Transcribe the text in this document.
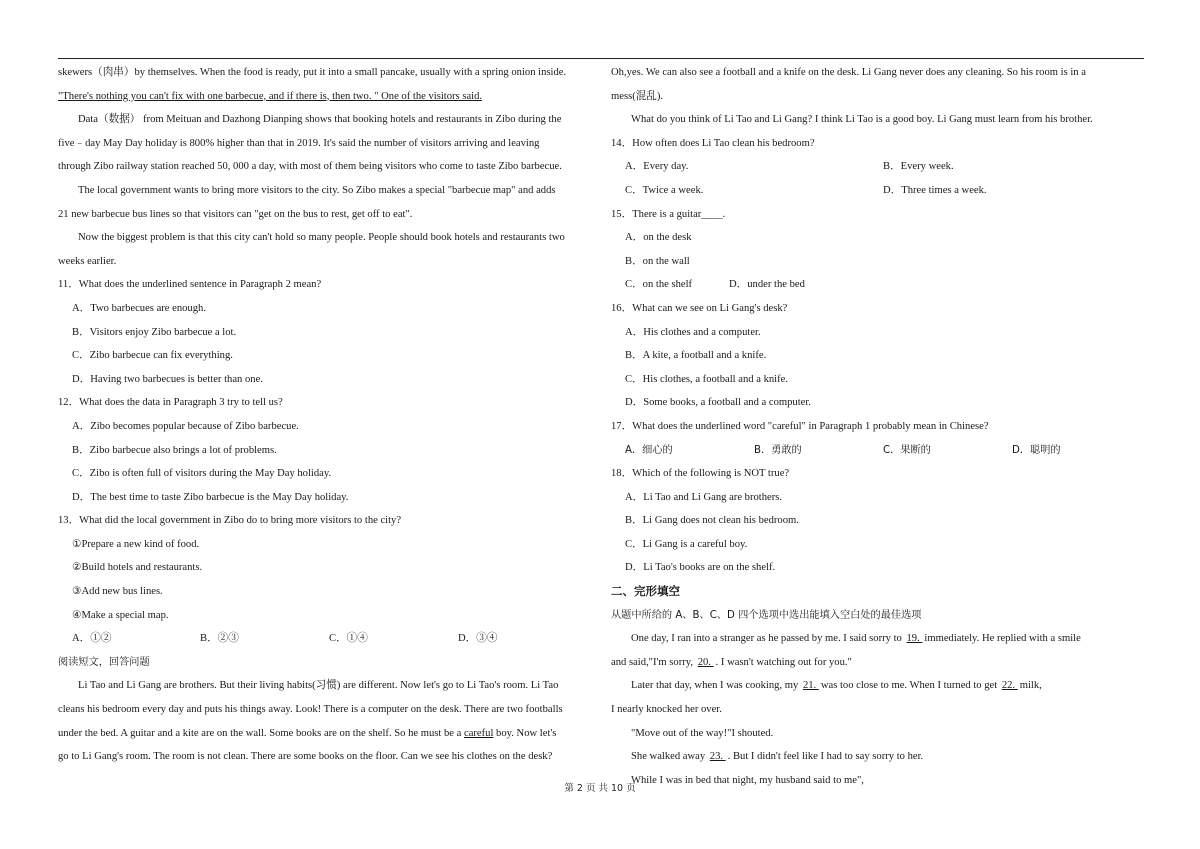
skewers（肉串）by themselves. When the food is ready, put it into a small pancake, usually with a spring onion inside.
"There's nothing you can't fix with one barbecue, and if there is, then two. " One of the visitors said.
Data（数据） from Meituan and Dazhong Dianping shows that booking hotels and restaurants in Zibo during the
five﹣day May Day holiday is 800% higher than that in 2019. It's said the number of visitors arriving and leaving
through Zibo railway station reached 50, 000 a day, with most of them being visitors who come to taste Zibo barbecue.
The local government wants to bring more visitors to the city. So Zibo makes a special "barbecue map" and adds
21 new barbecue bus lines so that visitors can "get on the bus to rest, get off to eat".
Now the biggest problem is that this city can't hold so many people. People should book hotels and restaurants two
weeks earlier.
11．What does the underlined sentence in Paragraph 2 mean?
A．Two barbecues are enough.
B．Visitors enjoy Zibo barbecue a lot.
C．Zibo barbecue can fix everything.
D．Having two barbecues is better than one.
12．What does the data in Paragraph 3 try to tell us?
A．Zibo becomes popular because of Zibo barbecue.
B．Zibo barbecue also brings a lot of problems.
C．Zibo is often full of visitors during the May Day holiday.
D．The best time to taste Zibo barbecue is the May Day holiday.
13．What did the local government in Zibo do to bring more visitors to the city?
①Prepare a new kind of food.
②Build hotels and restaurants.
③Add new bus lines.
④Make a special map.
A．①②	B．②③	C．①④	D．③④
阅读短文，回答问题
Li Tao and Li Gang are brothers. But their living habits(习惯) are different. Now let's go to Li Tao's room. Li Tao
cleans his bedroom every day and puts his things away. Look! There is a computer on the desk. There are two footballs
under the bed. A guitar and a kite are on the wall. Some books are on the shelf. So he must be a careful boy. Now let's
go to Li Gang's room. The room is not clean. There are some books on the floor. Can we see his clothes on the desk?
Oh,yes. We can also see a football and a knife on the desk. Li Gang never does any cleaning. So his room is in a
mess(混乱).
What do you think of Li Tao and Li Gang? I think Li Tao is a good boy. Li Gang must learn from his brother.
14．How often does Li Tao clean his bedroom?
A．Every day.	B．Every week.
C．Twice a week.	D．Three times a week.
15．There is a guitar____.
A．on the desk
B．on the wall
C．on the shelf	D．under the bed
16．What can we see on Li Gang's desk?
A．His clothes and a computer.
B．A kite, a football and a knife.
C．His clothes, a football and a knife.
D．Some books, a football and a computer.
17．What does the underlined word "careful" in Paragraph 1 probably mean in Chinese?
A．细心的	B．勇敢的	C．果断的	D．聪明的
18．Which of the following is NOT true?
A．Li Tao and Li Gang are brothers.
B．Li Gang does not clean his bedroom.
C．Li Gang is a careful boy.
D．Li Tao's books are on the shelf.
二、完形填空
从题中所给的 A、B、C、D 四个选项中选出能填入空白处的最佳选项
One day, I ran into a stranger as he passed by me. I said sorry to 19. immediately. He replied with a smile
and said,"I'm sorry, 20. . I wasn't watching out for you."
Later that day, when I was cooking, my 21. was too close to me. When I turned to get 22. milk,
I nearly knocked her over.
"Move out of the way!"I shouted.
She walked away 23. . But I didn't feel like I had to say sorry to her.
While I was in bed that night, my husband said to me",
第 2 页 共 10 页
